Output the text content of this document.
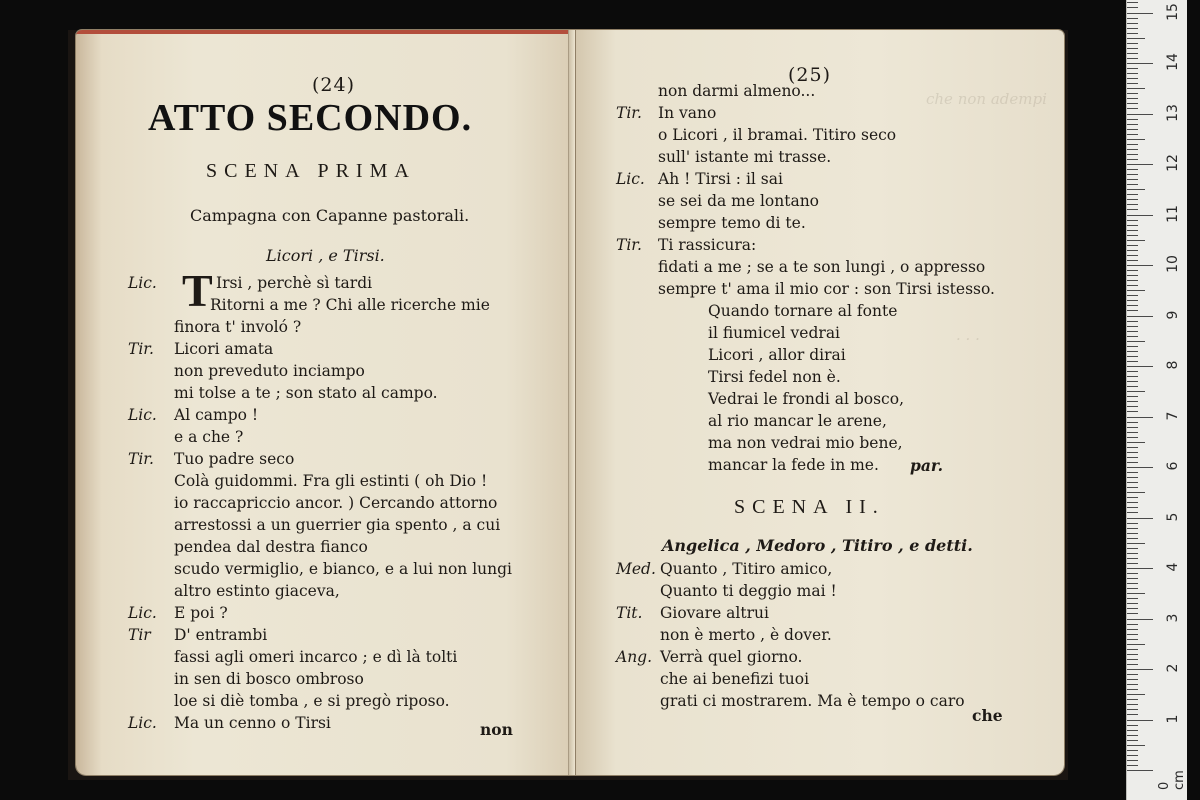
(24)
ATTO SECONDO.
SCENA PRIMA
Campagna con Capanne pastorali.
Licori , e Tirsi.
T
Lic.	Irsi , perchè sì tardi
Ritorni a me ? Chi alle ricerche mie
finora t' involó ?
Tir. Licori amata
non preveduto inciampo
mi tolse a te ; son stato al campo.
Lic. Al campo !
e a che ?
Tir. Tuo padre seco
Colà guidommi. Fra gli estinti ( oh Dio !
io raccapriccio ancor. ) Cercando attorno
arrestossi a un guerrier gia spento , a cui
pendea dal destra fianco
scudo vermiglio, e bianco, e a lui non lungi
altro estinto giaceva,
Lic. E poi ?
Tir D' entrambi
fassi agli omeri incarco ; e dì là tolti
in sen di bosco ombroso
loe si diè tomba , e si pregò riposo.
Lic. Ma un cenno o Tirsi	non
(25)
che non adempi
· · ·
non darmi almeno...
Tir. In vano
o Licori , il bramai. Titiro seco
sull' istante mi trasse.
Lic. Ah ! Tirsi : il sai
se sei da me lontano
sempre temo di te.
Tir. Ti rassicura:
fidati a me ; se a te son lungi , o appresso
sempre t' ama il mio cor : son Tirsi istesso.
Quando tornare al fonte
il fiumicel vedrai
Licori , allor dirai
Tirsi fedel non è.
Vedrai le frondi al bosco,
al rio mancar le arene,
ma non vedrai mio bene,
mancar la fede in me. par.
Med. Quanto , Titiro amico,
Quanto ti deggio mai !
Tit. Giovare altrui
non è merto , è dover.
Ang. Verrà quel giorno.
che ai benefizi tuoi
grati ci mostrarem. Ma è tempo o caro
SCENA II.
Angelica , Medoro , Titiro , e detti.
che	1
2
3
4
5
6
7
8
9
10
11
12
13
14
15
0 cm
